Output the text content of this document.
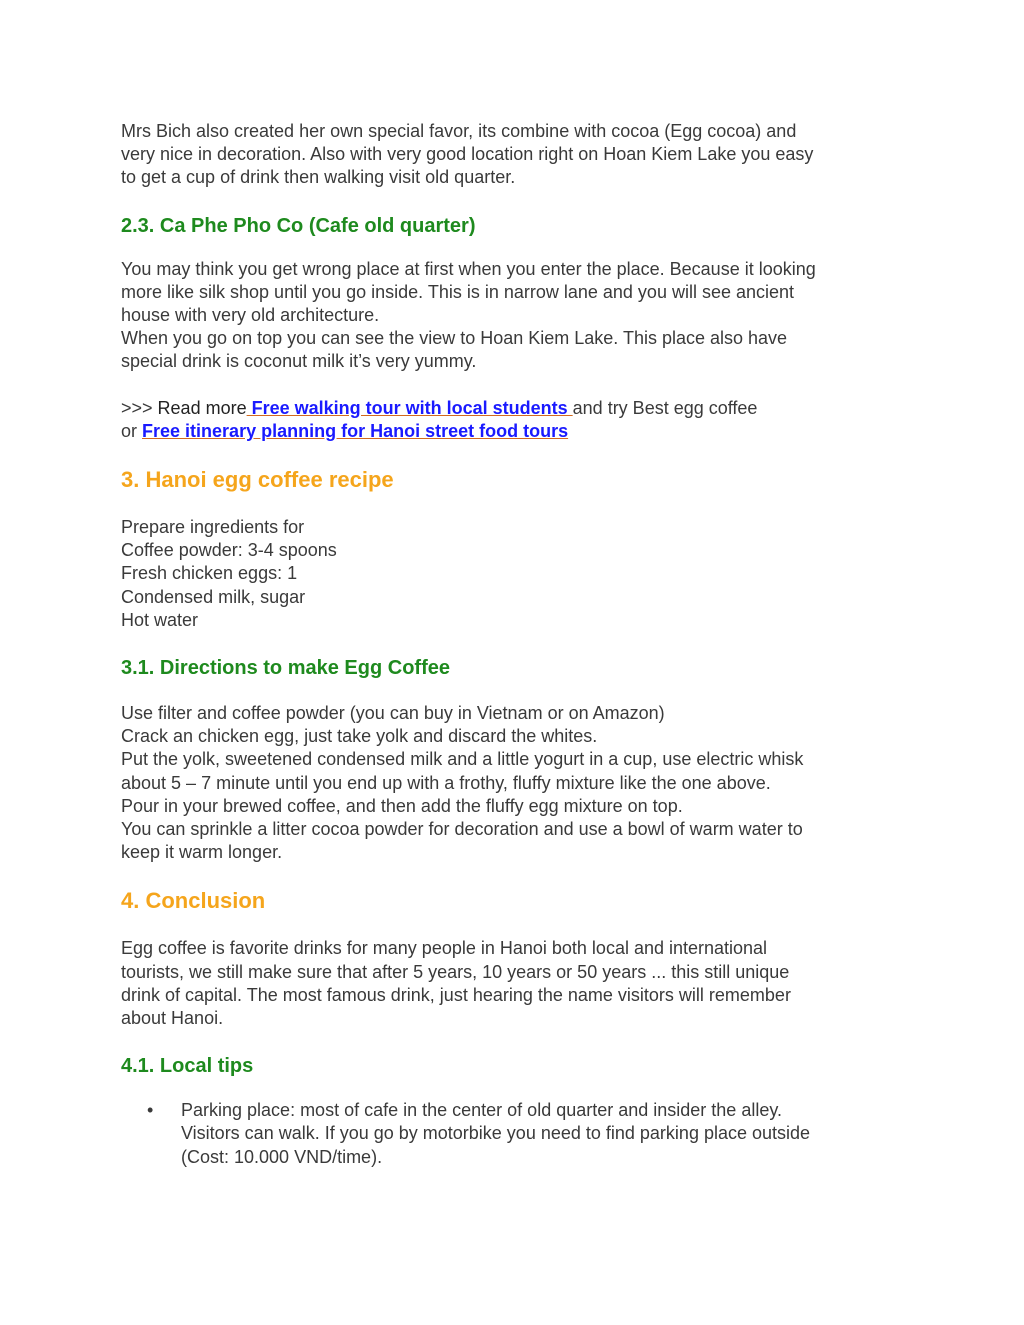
Mrs Bich also created her own special favor, its combine with cocoa (Egg cocoa) and
very nice in decoration. Also with very good location right on Hoan Kiem Lake you easy
to get a cup of drink then walking visit old quarter.
2.3. Ca Phe Pho Co (Cafe old quarter)
You may think you get wrong place at first when you enter the place. Because it looking
more like silk shop until you go inside. This is in narrow lane and you will see ancient
house with very old architecture.
When you go on top you can see the view to Hoan Kiem Lake. This place also have
special drink is coconut milk it’s very yummy.
>>> Read more Free walking tour with local students and try Best egg coffee
or Free itinerary planning for Hanoi street food tours
3. Hanoi egg coffee recipe
Prepare ingredients for
Coffee powder: 3-4 spoons
Fresh chicken eggs: 1
Condensed milk, sugar
Hot water
3.1. Directions to make Egg Coffee
Use filter and coffee powder (you can buy in Vietnam or on Amazon)
Crack an chicken egg, just take yolk and discard the whites.
Put the yolk, sweetened condensed milk and a little yogurt in a cup, use electric whisk
about 5 – 7 minute until you end up with a frothy, fluffy mixture like the one above.
Pour in your brewed coffee, and then add the fluffy egg mixture on top.
You can sprinkle a litter cocoa powder for decoration and use a bowl of warm water to
keep it warm longer.
4. Conclusion
Egg coffee is favorite drinks for many people in Hanoi both local and international
tourists, we still make sure that after 5 years, 10 years or 50 years ... this still unique
drink of capital. The most famous drink, just hearing the name visitors will remember
about Hanoi.
4.1. Local tips
• Parking place: most of cafe in the center of old quarter and insider the alley.
Visitors can walk. If you go by motorbike you need to find parking place outside
(Cost: 10.000 VND/time).
